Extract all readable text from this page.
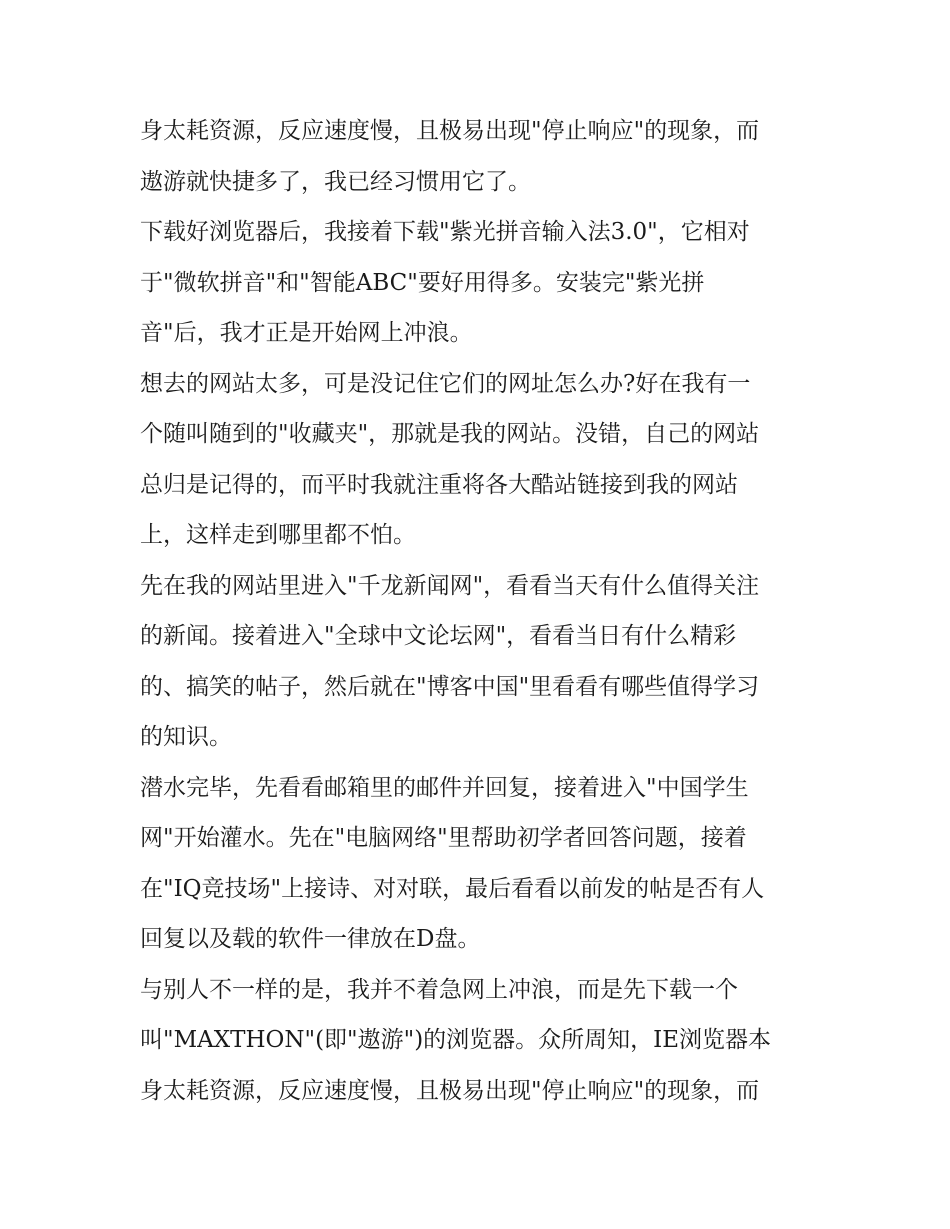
身太耗资源，反应速度慢，且极易出现"停止响应"的现象，而
遨游就快捷多了，我已经习惯用它了。
下载好浏览器后，我接着下载"紫光拼音输入法3.0"，它相对
于"微软拼音"和"智能ABC"要好用得多。安装完"紫光拼
音"后，我才正是开始网上冲浪。
想去的网站太多，可是没记住它们的网址怎么办?好在我有一
个随叫随到的"收藏夹"，那就是我的网站。没错，自己的网站
总归是记得的，而平时我就注重将各大酷站链接到我的网站
上，这样走到哪里都不怕。
先在我的网站里进入"千龙新闻网"，看看当天有什么值得关注
的新闻。接着进入"全球中文论坛网"，看看当日有什么精彩
的、搞笑的帖子，然后就在"博客中国"里看看有哪些值得学习
的知识。
潜水完毕，先看看邮箱里的邮件并回复，接着进入"中国学生
网"开始灌水。先在"电脑网络"里帮助初学者回答问题，接着
在"IQ竞技场"上接诗、对对联，最后看看以前发的帖是否有人
回复以及载的软件一律放在D盘。
与别人不一样的是，我并不着急网上冲浪，而是先下载一个
叫"MAXTHON"(即"遨游")的浏览器。众所周知，IE浏览器本
身太耗资源，反应速度慢，且极易出现"停止响应"的现象，而
